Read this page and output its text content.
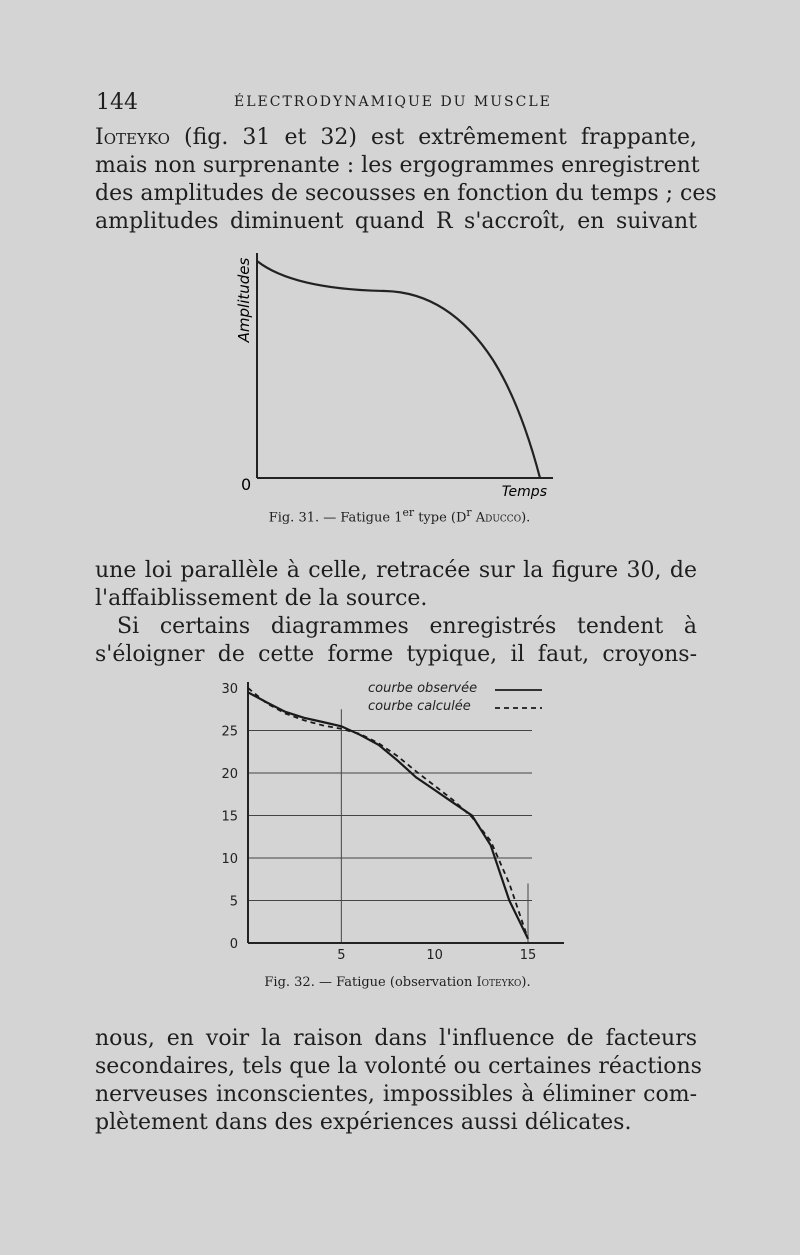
144	ÉLECTRODYNAMIQUE DU MUSCLE

Ioteyko (fig. 31 et 32) est extrêmement frappante,
mais non surprenante : les ergogrammes enregistrent
des amplitudes de secousses en fonction du temps ; ces
amplitudes diminuent quand R s'accroît, en suivant

Amplitudes
0	Temps
Fig. 31. — Fatigue 1er type ($D^r$ Aducco).

une loi parallèle à celle, retracée sur la figure 30, de
l'affaiblissement de la source.
Si certains diagrammes enregistrés tendent à
s'éloigner de cette forme typique, il faut, croyons-

0
5
10
15
20
25
30
5	10	15
courbe observée
courbe calculée
Fig. 32. — Fatigue (observation Ioteyko).

nous, en voir la raison dans l'influence de facteurs
secondaires, tels que la volonté ou certaines réactions
nerveuses inconscientes, impossibles à éliminer com-
plètement dans des expériences aussi délicates.
